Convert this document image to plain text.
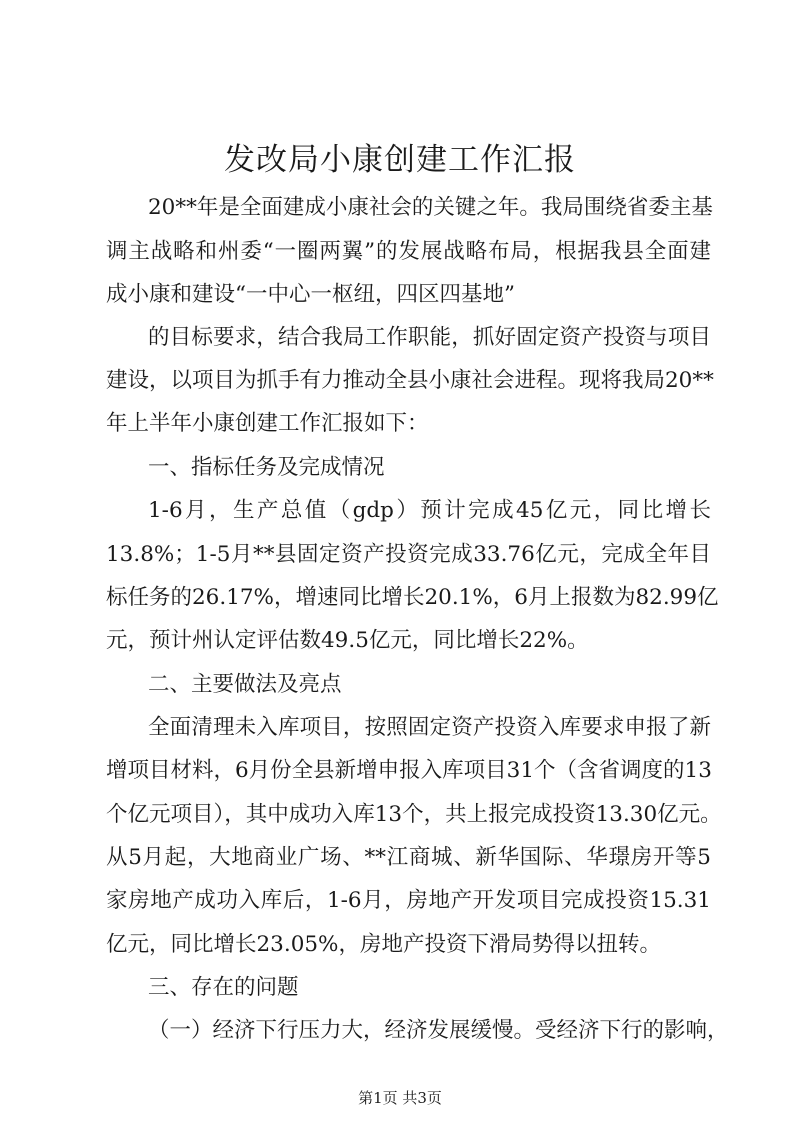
发改局小康创建工作汇报

20**年是全面建成小康社会的关键之年。我局围绕省委主基

调主战略和州委“一圈两翼”的发展战略布局，根据我县全面建

成小康和建设“一中心一枢纽，四区四基地”

的目标要求，结合我局工作职能，抓好固定资产投资与项目

建设，以项目为抓手有力推动全县小康社会进程。现将我局20**

年上半年小康创建工作汇报如下：

一、指标任务及完成情况

1-6月，生产总值（gdp）预计完成45亿元，同比增长

13.8%；1-5月**县固定资产投资完成33.76亿元，完成全年目

标任务的26.17%，增速同比增长20.1%，6月上报数为82.99亿

元，预计州认定评估数49.5亿元，同比增长22%。

二、主要做法及亮点

全面清理未入库项目，按照固定资产投资入库要求申报了新

增项目材料，6月份全县新增申报入库项目31个（含省调度的13

个亿元项目），其中成功入库13个，共上报完成投资13.30亿元。

从5月起，大地商业广场、**江商城、新华国际、华璟房开等5

家房地产成功入库后，1-6月，房地产开发项目完成投资15.31

亿元，同比增长23.05%，房地产投资下滑局势得以扭转。

三、存在的问题

（一）经济下行压力大，经济发展缓慢。受经济下行的影响，

第1页 共3页
